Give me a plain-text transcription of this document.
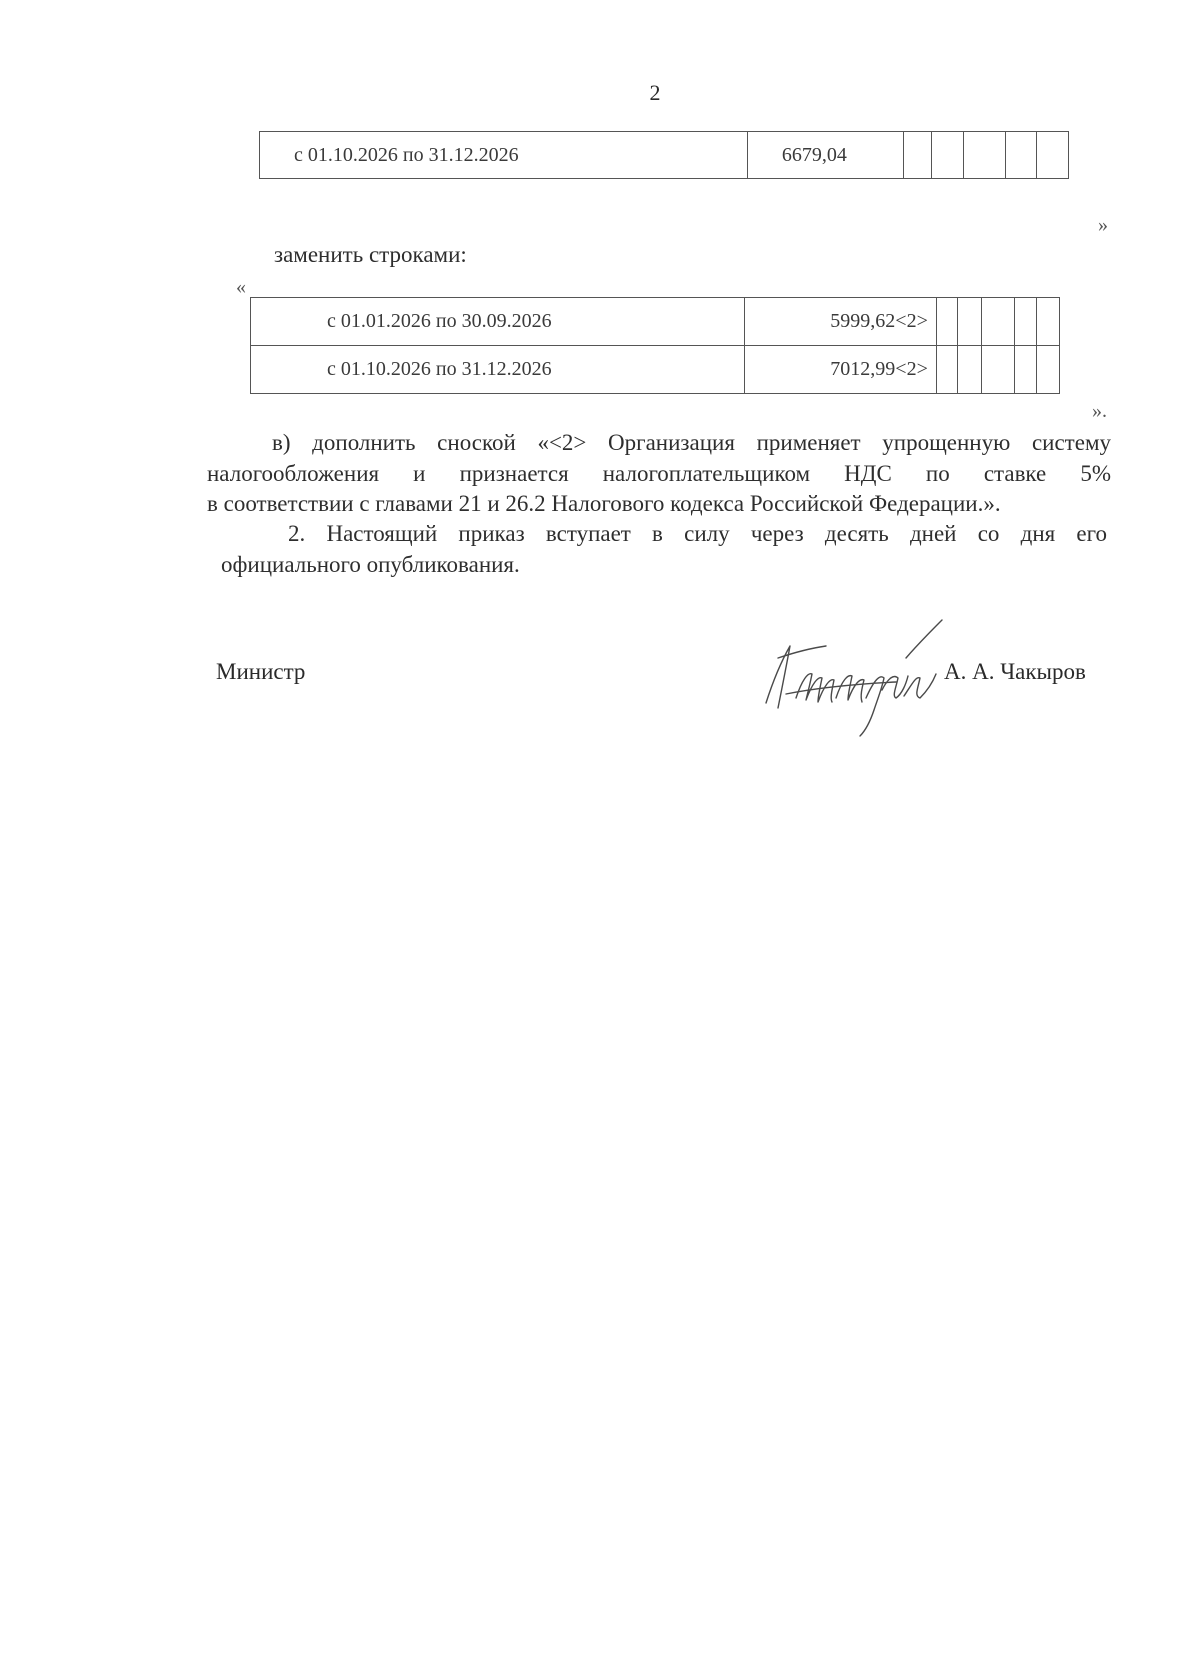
2
с 01.10.2026 по 31.12.2026	6679,04					
»
заменить строками:
«
с 01.01.2026 по 30.09.2026	5999,62<2>					
с 01.10.2026 по 31.12.2026	7012,99<2>					
».
в) дополнить сноской «<2> Организация применяет упрощенную систему
налогообложения и признается налогоплательщиком НДС по ставке 5%
в соответствии с главами 21 и 26.2 Налогового кодекса Российской Федерации.».
2. Настоящий приказ вступает в силу через десять дней со дня его
официального опубликования.
Министр	А. А. Чакыров
